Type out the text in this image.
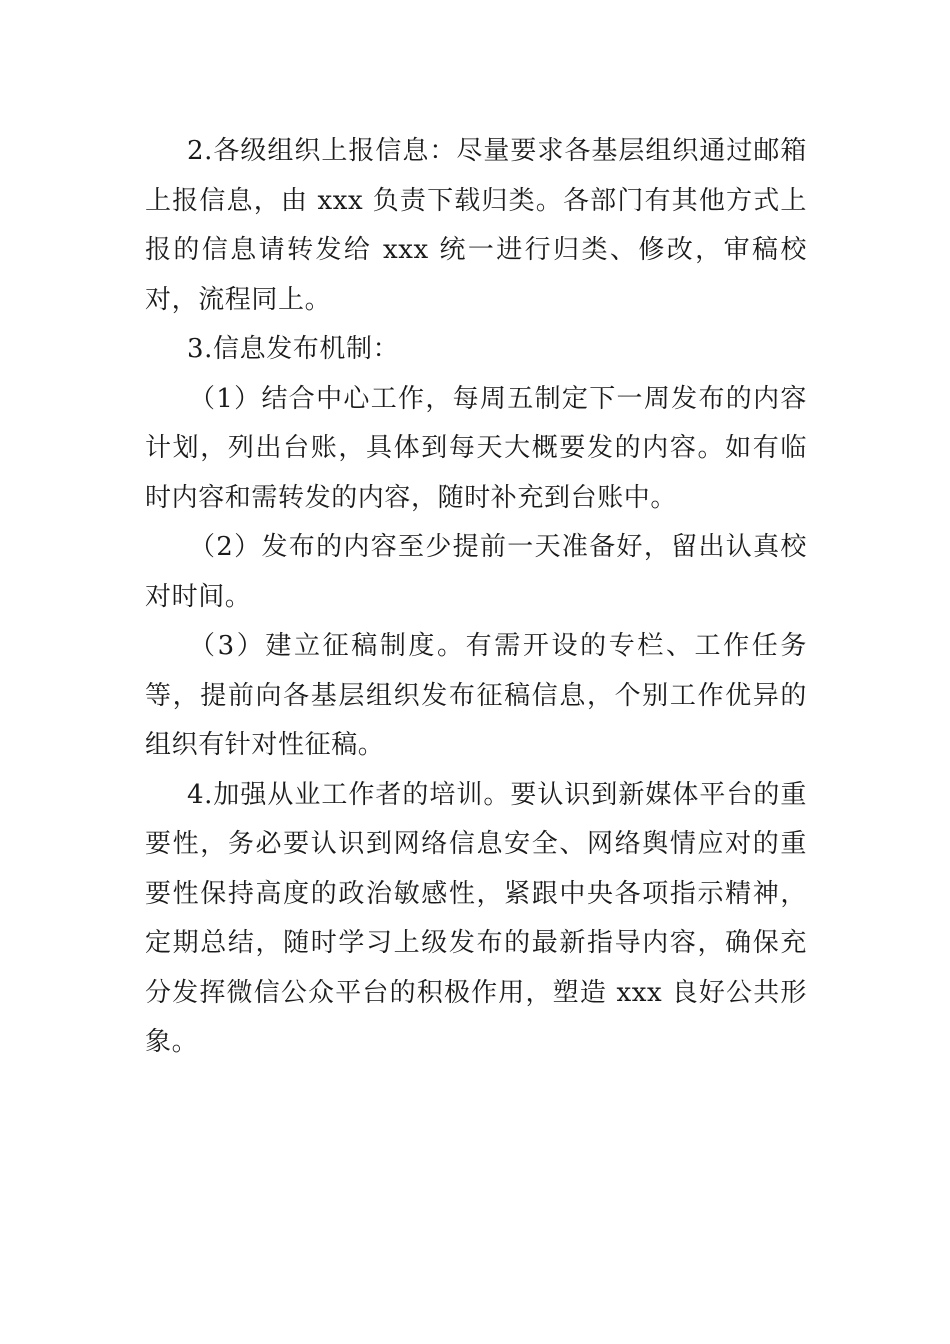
2.各级组织上报信息：尽量要求各基层组织通过邮箱上报信息，由 xxx 负责下载归类。各部门有其他方式上报的信息请转发给 xxx 统一进行归类、修改，审稿校对，流程同上。

3.信息发布机制：

（1）结合中心工作，每周五制定下一周发布的内容计划，列出台账，具体到每天大概要发的内容。如有临时内容和需转发的内容，随时补充到台账中。

（2）发布的内容至少提前一天准备好，留出认真校对时间。

（3）建立征稿制度。有需开设的专栏、工作任务等，提前向各基层组织发布征稿信息，个别工作优异的组织有针对性征稿。

4.加强从业工作者的培训。要认识到新媒体平台的重要性，务必要认识到网络信息安全、网络舆情应对的重要性保持高度的政治敏感性，紧跟中央各项指示精神，定期总结，随时学习上级发布的最新指导内容，确保充分发挥微信公众平台的积极作用，塑造 xxx 良好公共形象。
